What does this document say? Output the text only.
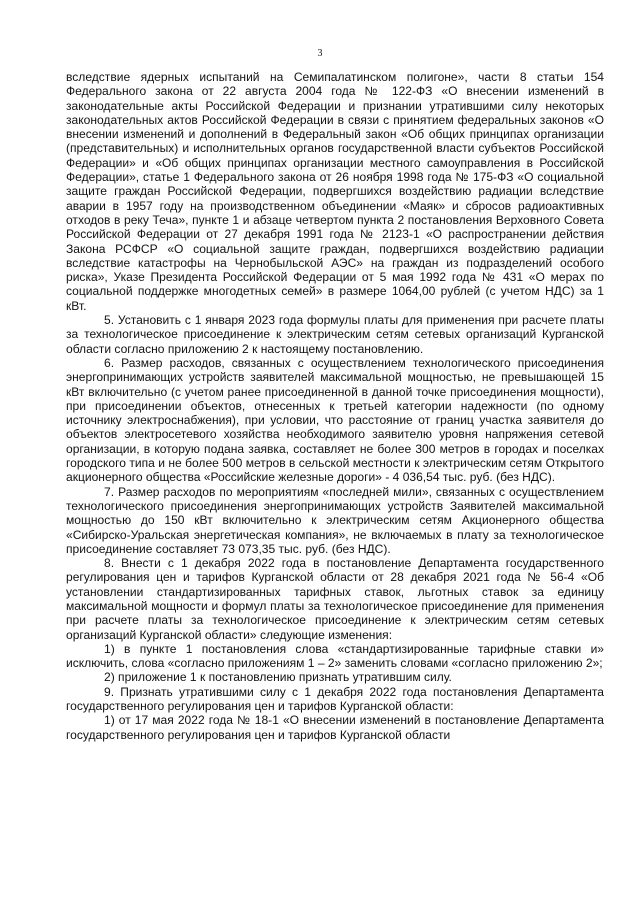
3

вследствие ядерных испытаний на Семипалатинском полигоне», части 8 статьи 154 Федерального закона от 22 августа 2004 года № 122-ФЗ «О внесении изменений в законодательные акты Российской Федерации и признании утратившими силу некоторых законодательных актов Российской Федерации в связи с принятием федеральных законов «О внесении изменений и дополнений в Федеральный закон «Об общих принципах организации (представительных) и исполнительных органов государственной власти субъектов Российской Федерации» и «Об общих принципах организации местного самоуправления в Российской Федерации», статье 1 Федерального закона от 26 ноября 1998 года № 175-ФЗ «О социальной защите граждан Российской Федерации, подвергшихся воздействию радиации вследствие аварии в 1957 году на производственном объединении «Маяк» и сбросов радиоактивных отходов в реку Теча», пункте 1 и абзаце четвертом пункта 2 постановления Верховного Совета Российской Федерации от 27 декабря 1991 года № 2123-1 «О распространении действия Закона РСФСР «О социальной защите граждан, подвергшихся воздействию радиации вследствие катастрофы на Чернобыльской АЭС» на граждан из подразделений особого риска», Указе Президента Российской Федерации от 5 мая 1992 года № 431 «О мерах по социальной поддержке многодетных семей» в размере 1064,00 рублей (с учетом НДС) за 1 кВт.

5. Установить с 1 января 2023 года формулы платы для применения при расчете платы за технологическое присоединение к электрическим сетям сетевых организаций Курганской области согласно приложению 2 к настоящему постановлению.

6. Размер расходов, связанных с осуществлением технологического присоединения энергопринимающих устройств заявителей максимальной мощностью, не превышающей 15 кВт включительно (с учетом ранее присоединенной в данной точке присоединения мощности), при присоединении объектов, отнесенных к третьей категории надежности (по одному источнику электроснабжения), при условии, что расстояние от границ участка заявителя до объектов электросетевого хозяйства необходимого заявителю уровня напряжения сетевой организации, в которую подана заявка, составляет не более 300 метров в городах и поселках городского типа и не более 500 метров в сельской местности к электрическим сетям Открытого акционерного общества «Российские железные дороги» - 4 036,54 тыс. руб. (без НДС).

7. Размер расходов по мероприятиям «последней мили», связанных с осуществлением технологического присоединения энергопринимающих устройств Заявителей максимальной мощностью до 150 кВт включительно к электрическим сетям Акционерного общества «Сибирско-Уральская энергетическая компания», не включаемых в плату за технологическое присоединение составляет 73 073,35 тыс. руб. (без НДС).

8. Внести с 1 декабря 2022 года в постановление Департамента государственного регулирования цен и тарифов Курганской области от 28 декабря 2021 года № 56-4 «Об установлении стандартизированных тарифных ставок, льготных ставок за единицу максимальной мощности и формул платы за технологическое присоединение для применения при расчете платы за технологическое присоединение к электрическим сетям сетевых организаций Курганской области» следующие изменения:

1) в пункте 1 постановления слова «стандартизированные тарифные ставки и» исключить, слова «согласно приложениям 1 – 2» заменить словами «согласно приложению 2»;

2) приложение 1 к постановлению признать утратившим силу.

9. Признать утратившими силу с 1 декабря 2022 года постановления Департамента государственного регулирования цен и тарифов Курганской области:

1) от 17 мая 2022 года № 18-1 «О внесении изменений в постановление Департамента государственного регулирования цен и тарифов Курганской области
